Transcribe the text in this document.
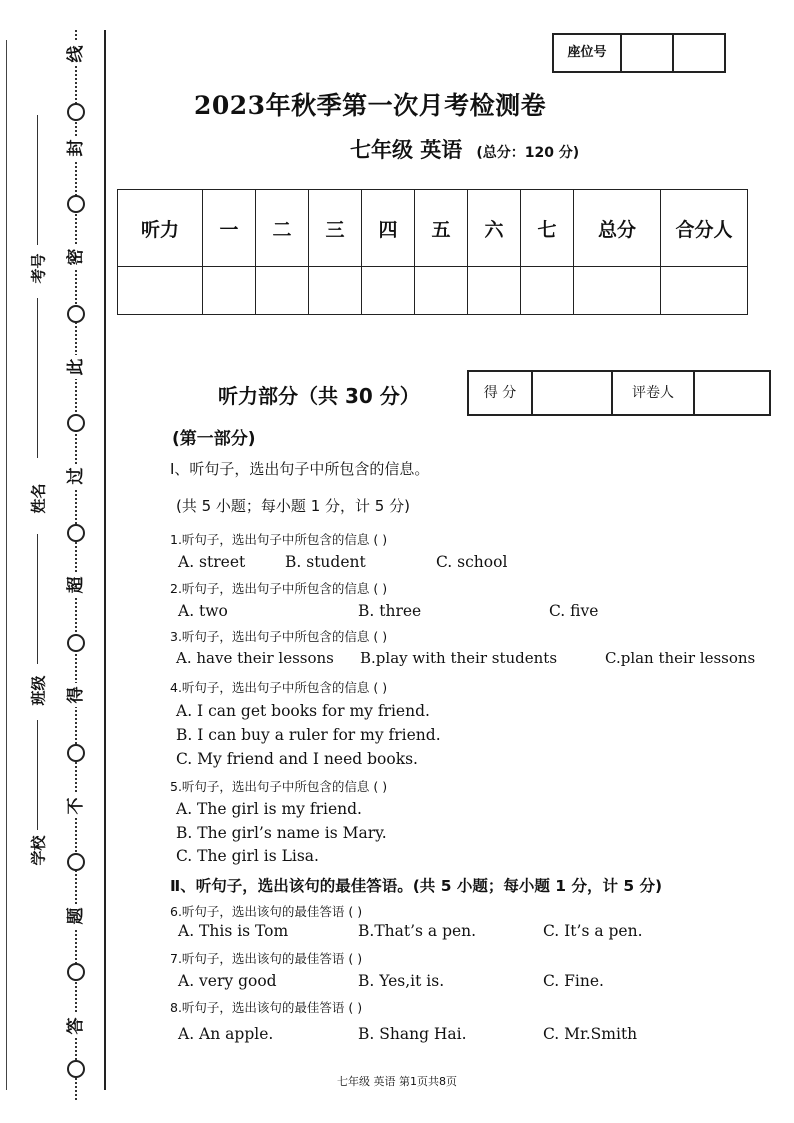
线
封
密
此
过
超
得
不
题
答
考号
姓名
班级
学校
座位号
2023年秋季第一次月考检测卷
七年级 英语 (总分：120 分)
听力	一	二	三	四	五	六	七	总分	合分人

听力部分（共 30 分）	得 分	评卷人
(第一部分)
Ⅰ、听句子，选出句子中所包含的信息。
(共 5 小题；每小题 1 分，计 5 分)
1.听句子，选出句子中所包含的信息 ( )
A. street	B. student	C. school
2.听句子，选出句子中所包含的信息 ( )
A. two	B. three	C. five
3.听句子，选出句子中所包含的信息 ( )
A. have their lessons B.play with their students	C.plan their lessons
4.听句子，选出句子中所包含的信息 ( )
A. I can get books for my friend.
B. I can buy a ruler for my friend.
C. My friend and I need books.
5.听句子，选出句子中所包含的信息 ( )
A. The girl is my friend.
B. The girl’s name is Mary.
C. The girl is Lisa.
Ⅱ、听句子，选出该句的最佳答语。(共 5 小题；每小题 1 分，计 5 分)
6.听句子，选出该句的最佳答语 ( )
A. This is Tom	B.That’s a pen.	C. It’s a pen.
7.听句子，选出该句的最佳答语 ( )
A. very good	B. Yes,it is.	C. Fine.
8.听句子，选出该句的最佳答语 ( )
A. An apple.	B. Shang Hai.	C. Mr.Smith
七年级 英语 第1页共8页
